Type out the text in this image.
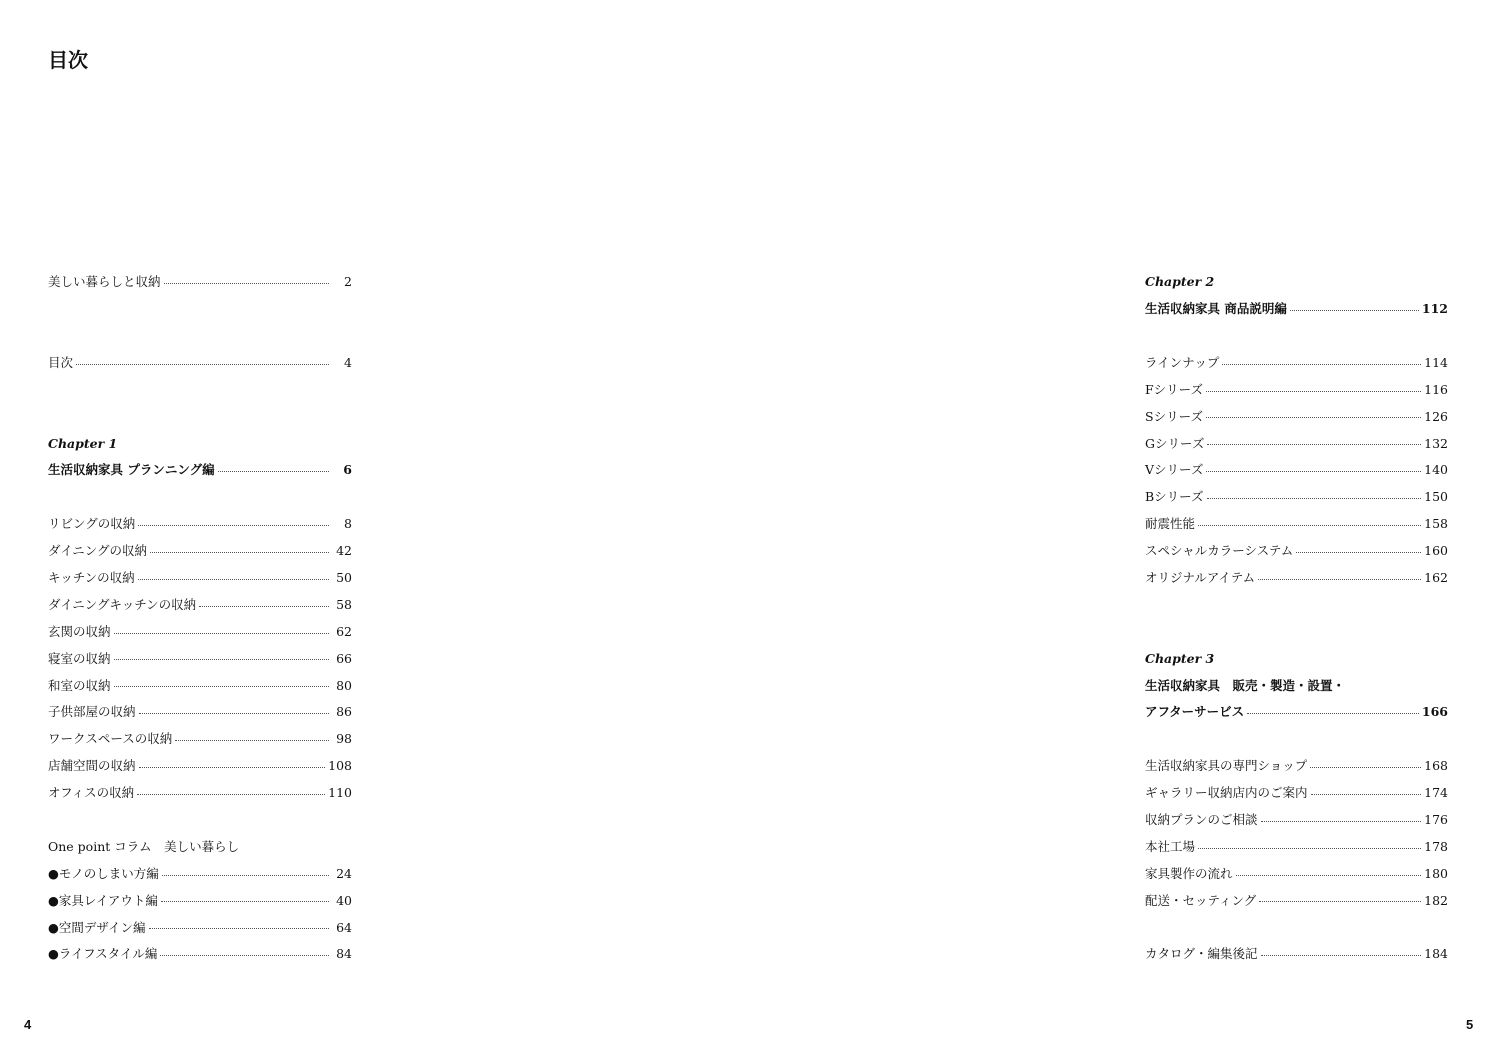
目次
美しい暮らしと収納	2
目次	4
Chapter 1
生活収納家具 プランニング編	6
リビングの収納	8
ダイニングの収納	42
キッチンの収納	50
ダイニングキッチンの収納	58
玄関の収納	62
寝室の収納	66
和室の収納	80
子供部屋の収納	86
ワークスペースの収納	98
店舗空間の収納	108
オフィスの収納	110
One point コラム　美しい暮らし
●モノのしまい方編	24
●家具レイアウト編	40
●空間デザイン編	64
●ライフスタイル編	84
Chapter 2
生活収納家具 商品説明編	112
ラインナップ	114
Fシリーズ	116
Sシリーズ	126
Gシリーズ	132
Vシリーズ	140
Bシリーズ	150
耐震性能	158
スペシャルカラーシステム	160
オリジナルアイテム	162
Chapter 3
生活収納家具　販売・製造・設置・
アフターサービス	166
生活収納家具の専門ショップ	168
ギャラリー収納店内のご案内	174
収納プランのご相談	176
本社工場	178
家具製作の流れ	180
配送・セッティング	182
カタログ・編集後記	184
4	5
